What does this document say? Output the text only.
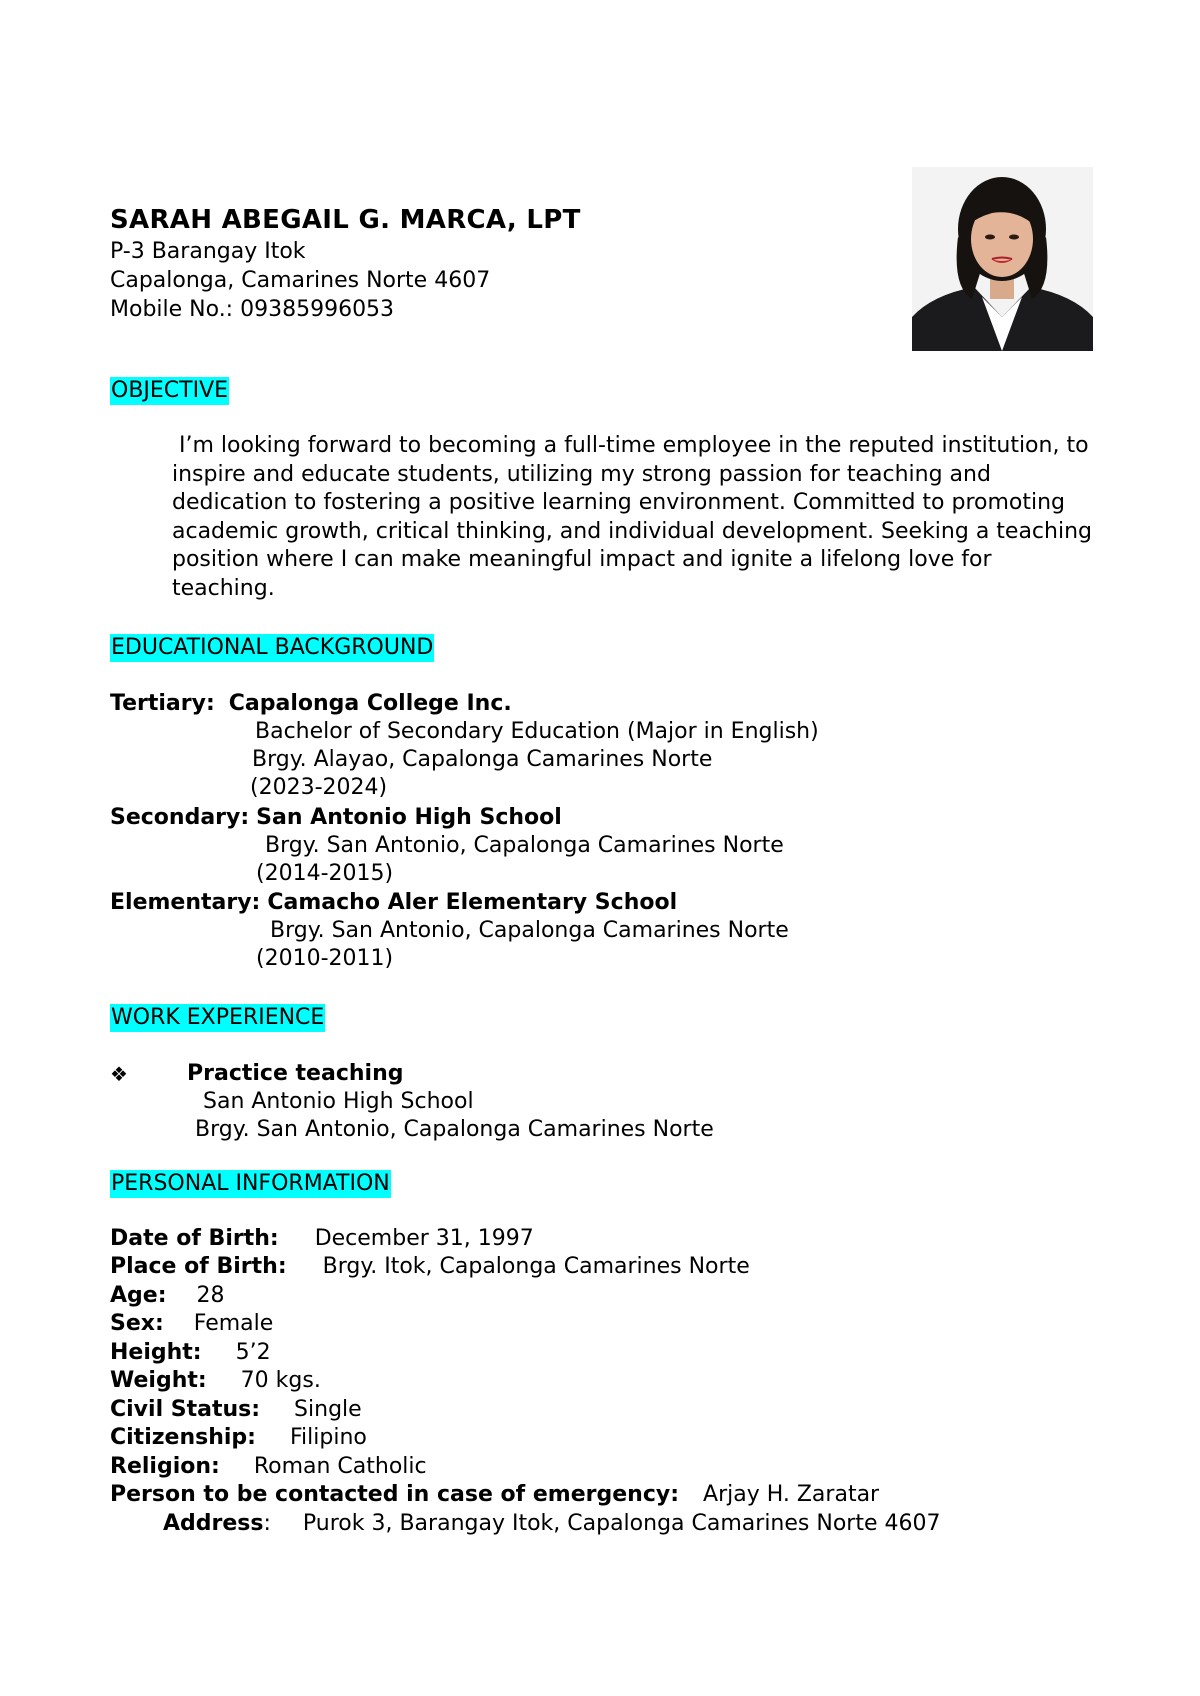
SARAH ABEGAIL G. MARCA, LPT
P-3 Barangay Itok
Capalonga, Camarines Norte 4607
Mobile No.: 09385996053
OBJECTIVE
I’m looking forward to becoming a full-time employee in the reputed institution, to inspire and educate students, utilizing my strong passion for teaching and dedication to fostering a positive learning environment. Committed to promoting academic growth, critical thinking, and individual development. Seeking a teaching position where I can make meaningful impact and ignite a lifelong love for teaching.
EDUCATIONAL BACKGROUND
Tertiary: Capalonga College Inc.
Bachelor of Secondary Education (Major in English)
Brgy. Alayao, Capalonga Camarines Norte
(2023-2024)
Secondary: San Antonio High School
Brgy. San Antonio, Capalonga Camarines Norte
(2014-2015)
Elementary: Camacho Aler Elementary School
Brgy. San Antonio, Capalonga Camarines Norte
(2010-2011)
WORK EXPERIENCE
❖	Practice teaching
San Antonio High School
Brgy. San Antonio, Capalonga Camarines Norte
PERSONAL INFORMATION
Date of Birth: December 31, 1997
Place of Birth: Brgy. Itok, Capalonga Camarines Norte
Age: 28
Sex: Female
Height: 5’2
Weight: 70 kgs.
Civil Status: Single
Citizenship: Filipino
Religion: Roman Catholic
Person to be contacted in case of emergency: Arjay H. Zaratar
Address: Purok 3, Barangay Itok, Capalonga Camarines Norte 4607
